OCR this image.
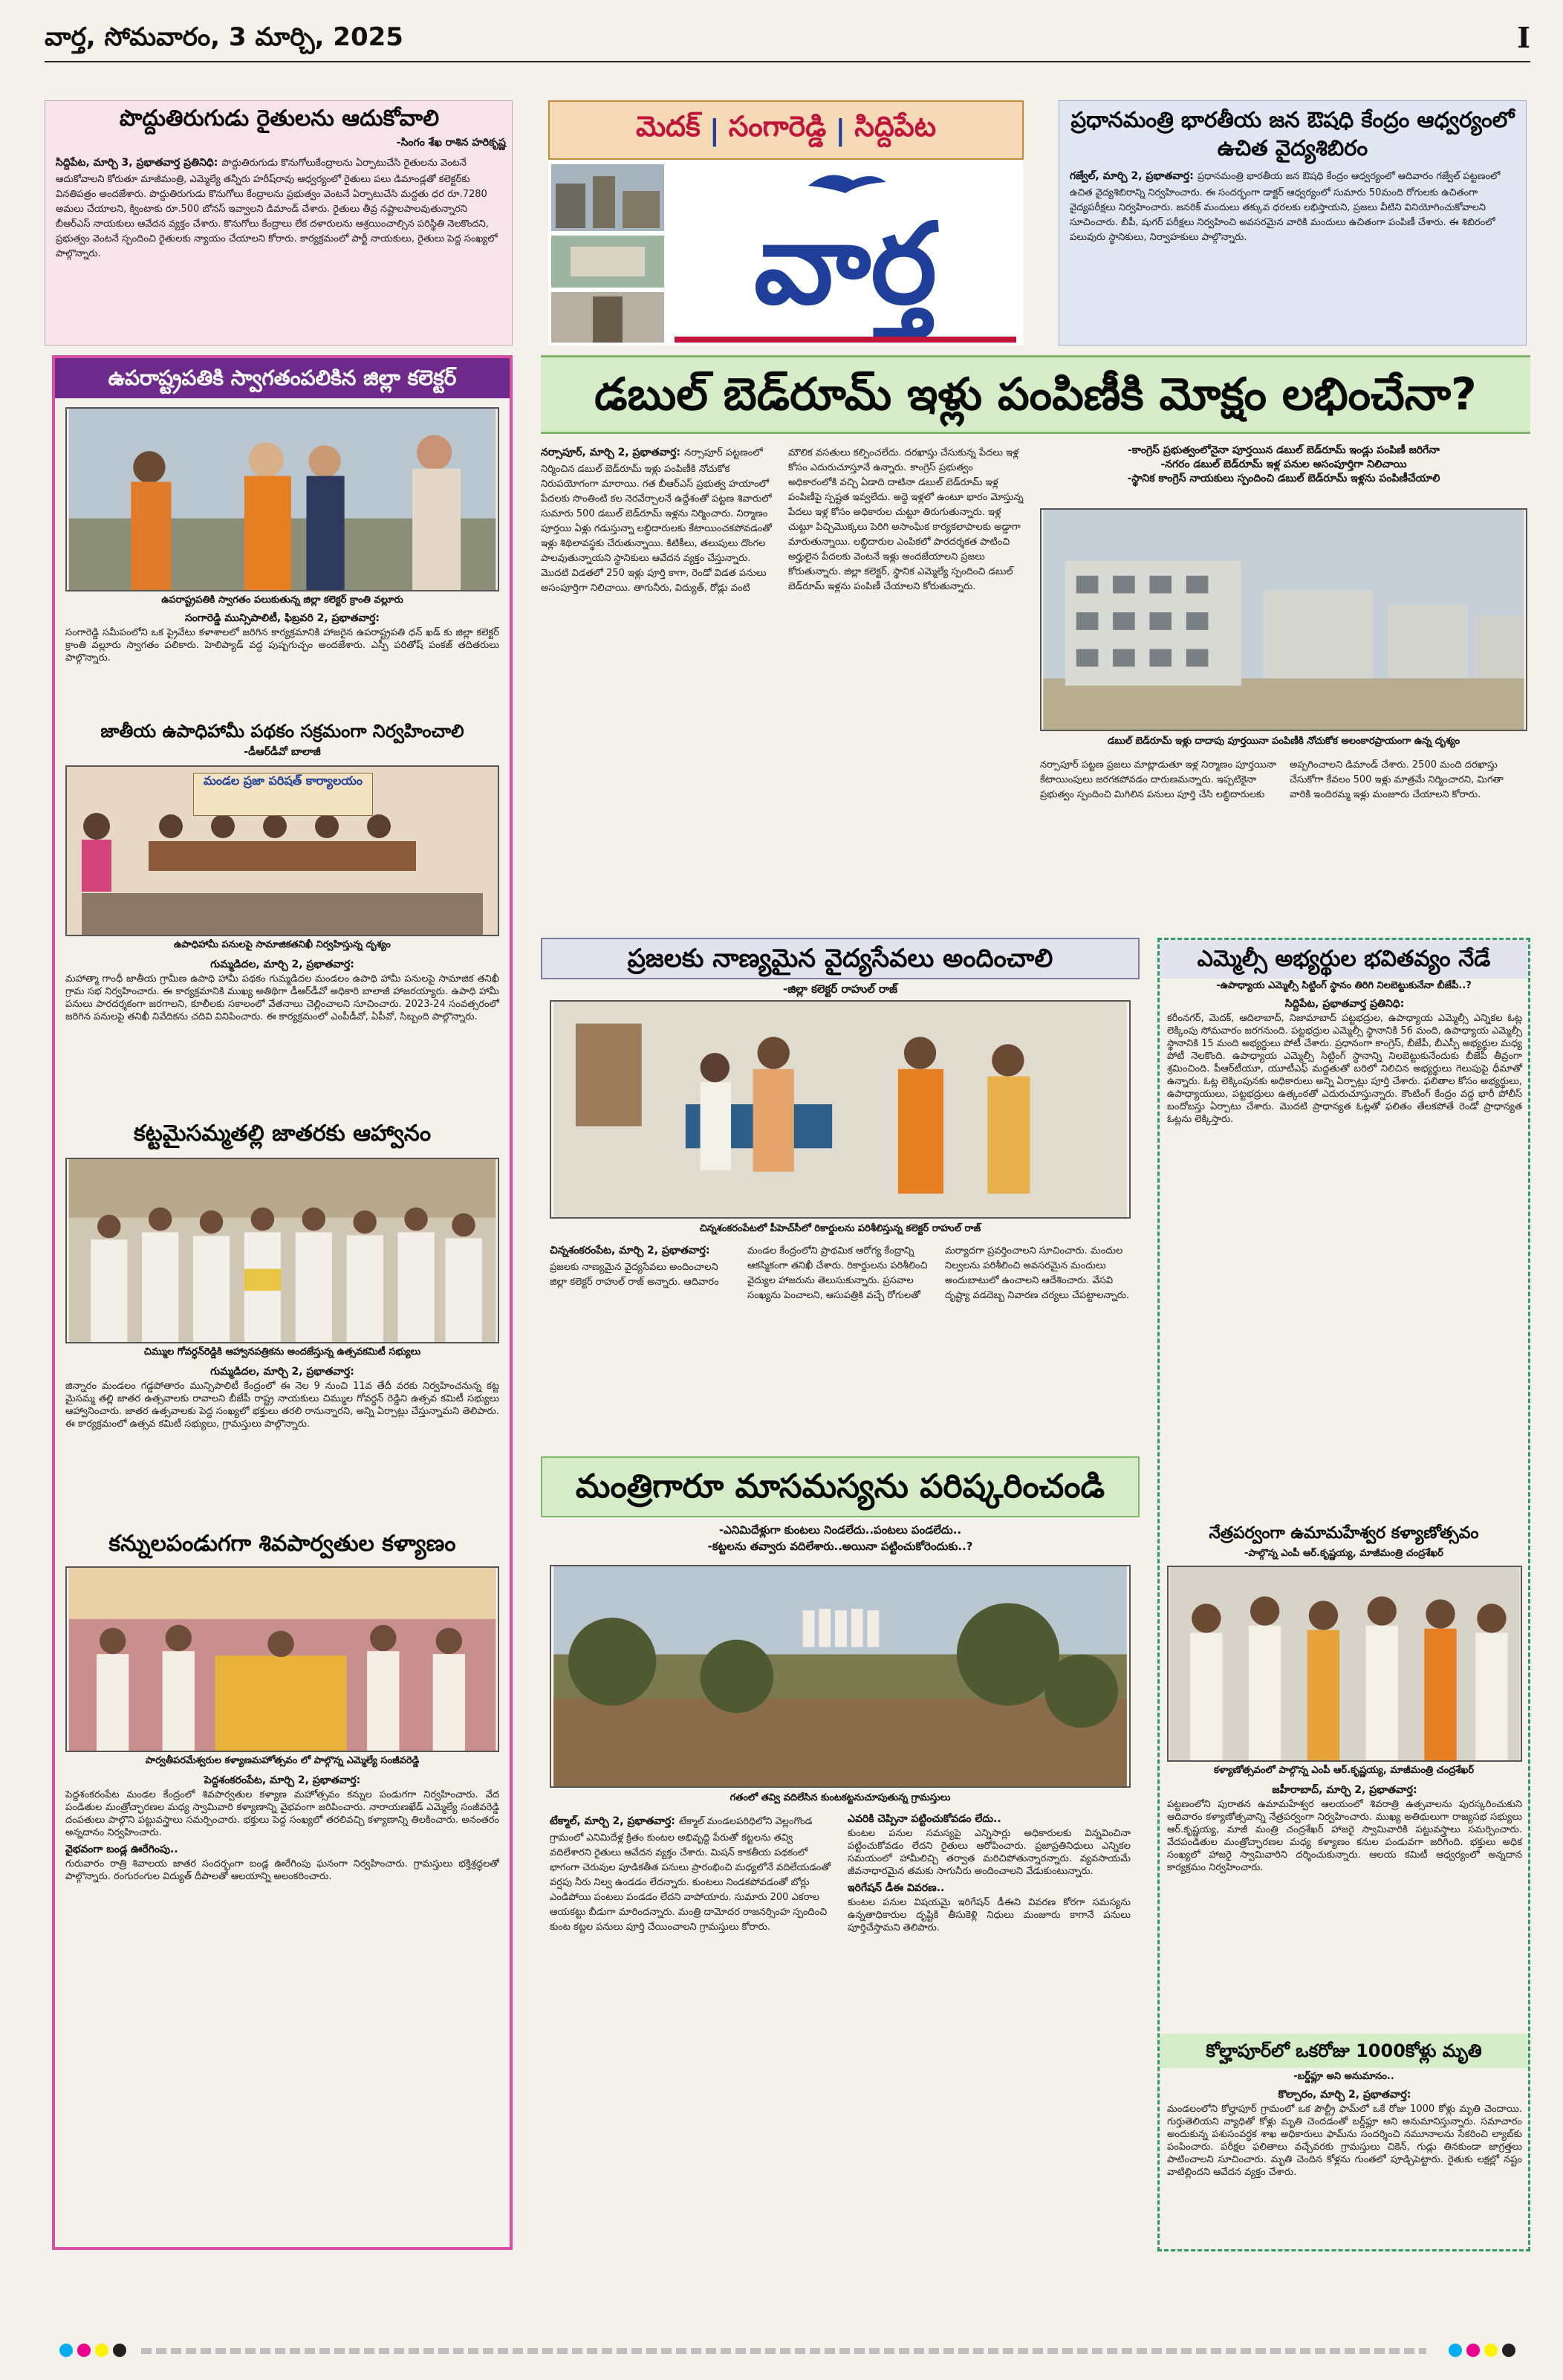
వార్త, సోమవారం, 3 మార్చి, 2025	I
పొద్దుతిరుగుడు రైతులను ఆదుకోవాలి
-సింగం శేఖ రాశిన హరికృష్ణ
సిద్దిపేట, మార్చి 3, ప్రభాతవార్త ప్రతినిధి: పొద్దుతిరుగుడు కొనుగోలుకేంద్రాలను ఏర్పాటుచేసి రైతులను వెంటనే ఆదుకోవాలని కోరుతూ మాజీమంత్రి, ఎమ్మెల్యే తన్నీరు హరీష్‌రావు ఆధ్వర్యంలో రైతులు పలు డిమాండ్లతో కలెక్టర్‌కు వినతిపత్రం అందజేశారు. పొద్దుతిరుగుడు కొనుగోలు కేంద్రాలను ప్రభుత్వం వెంటనే ఏర్పాటుచేసి మద్దతు ధర రూ.7280 అమలు చేయాలని, క్వింటాకు రూ.500 బోనస్ ఇవ్వాలని డిమాండ్ చేశారు. రైతులు తీవ్ర నష్టాలపాలవుతున్నారని బీఆర్ఎస్ నాయకులు ఆవేదన వ్యక్తం చేశారు. కొనుగోలు కేంద్రాలు లేక దళారులను ఆశ్రయించాల్సిన పరిస్థితి నెలకొందని, ప్రభుత్వం వెంటనే స్పందించి రైతులకు న్యాయం చేయాలని కోరారు. కార్యక్రమంలో పార్టీ నాయకులు, రైతులు పెద్ద సంఖ్యలో పాల్గొన్నారు.
మెదక్ | సంగారెడ్డి | సిద్దిపేట
వార్త
ప్రధానమంత్రి భారతీయ జన ఔషధి కేంద్రం ఆధ్వర్యంలో ఉచిత వైద్యశిబిరం
గజ్వేల్, మార్చి 2, ప్రభాతవార్త: ప్రధానమంత్రి భారతీయ జన ఔషధి కేంద్రం ఆధ్వర్యంలో ఆదివారం గజ్వేల్ పట్టణంలో ఉచిత వైద్యశిబిరాన్ని నిర్వహించారు. ఈ సందర్భంగా డాక్టర్ ఆధ్వర్యంలో సుమారు 50మంది రోగులకు ఉచితంగా వైద్యపరీక్షలు నిర్వహించారు. జనరిక్ మందులు తక్కువ ధరలకు లభిస్తాయని, ప్రజలు వీటిని వినియోగించుకోవాలని సూచించారు. బీపీ, షుగర్ పరీక్షలు నిర్వహించి అవసరమైన వారికి మందులు ఉచితంగా పంపిణీ చేశారు. ఈ శిబిరంలో పలువురు స్థానికులు, నిర్వాహకులు పాల్గొన్నారు.
ఉపరాష్ట్రపతికి స్వాగతంపలికిన జిల్లా కలెక్టర్
ఉపరాష్ట్రపతికి స్వాగతం పలుకుతున్న జిల్లా కలెక్టర్ క్రాంతి వల్లూరు
సంగారెడ్డి మున్సిపాలిటీ, ఫిబ్రవరి 2, ప్రభాతవార్త:
సంగారెడ్డి సమీపంలోని ఒక ప్రైవేటు కళాశాలలో జరిగిన కార్యక్రమానికి హాజరైన ఉపరాష్ట్రపతి ధన్ ఖడ్ కు జిల్లా కలెక్టర్ క్రాంతి వల్లూరు స్వాగతం పలికారు. హెలిప్యాడ్ వద్ద పుష్పగుచ్ఛం అందజేశారు. ఎస్పీ పరితోష్ పంకజ్ తదితరులు పాల్గొన్నారు.
జాతీయ ఉపాధిహామీ పథకం సక్రమంగా నిర్వహించాలి
-డీఆర్‌డీవో బాలాజీ
మండల ప్రజా పరిషత్ కార్యాలయం
ఉపాధిహామీ పనులపై సామాజికతనిఖీ నిర్వహిస్తున్న దృశ్యం
గుమ్మడిదల, మార్చి 2, ప్రభాతవార్త:
మహాత్మా గాంధీ జాతీయ గ్రామీణ ఉపాధి హామీ పథకం గుమ్మడిదల మండలం ఉపాధి హామీ పనులపై సామాజిక తనిఖీ గ్రామ సభ నిర్వహించారు. ఈ కార్యక్రమానికి ముఖ్య అతిథిగా డీఆర్‌డీవో అధికారి బాలాజీ హాజరయ్యారు. ఉపాధి హామీ పనులు పారదర్శకంగా జరగాలని, కూలీలకు సకాలంలో వేతనాలు చెల్లించాలని సూచించారు. 2023-24 సంవత్సరంలో జరిగిన పనులపై తనిఖీ నివేదికను చదివి వినిపించారు. ఈ కార్యక్రమంలో ఎంపీడీవో, ఏపీవో, సిబ్బంది పాల్గొన్నారు.
కట్టమైసమ్మతల్లి జాతరకు ఆహ్వానం
చిమ్ముల గోవర్ధన్‌రెడ్డికి ఆహ్వానపత్రికను అందజేస్తున్న ఉత్సవకమిటీ సభ్యులు
గుమ్మడిదల, మార్చి 2, ప్రభాతవార్త:
జిన్నారం మండలం గడ్డపోతారం మున్సిపాలిటీ కేంద్రంలో ఈ నెల 9 నుంచి 11వ తేదీ వరకు నిర్వహించనున్న కట్ట మైసమ్మ తల్లి జాతర ఉత్సవాలకు రావాలని బీజేపీ రాష్ట్ర నాయకులు చిమ్ముల గోవర్ధన్ రెడ్డిని ఉత్సవ కమిటీ సభ్యులు ఆహ్వానించారు. జాతర ఉత్సవాలకు పెద్ద సంఖ్యలో భక్తులు తరలి రానున్నారని, అన్ని ఏర్పాట్లు చేస్తున్నామని తెలిపారు. ఈ కార్యక్రమంలో ఉత్సవ కమిటీ సభ్యులు, గ్రామస్తులు పాల్గొన్నారు.
కన్నులపండుగగా శివపార్వతుల కళ్యాణం
పార్వతీపరమేశ్వరుల కళ్యాణమహోత్సవం లో పాల్గొన్న ఎమ్మెల్యే సంజీవరెడ్డి
పెద్దశంకరంపేట, మార్చి 2, ప్రభాతవార్త:
పెద్దశంకరంపేట మండల కేంద్రంలో శివపార్వతుల కళ్యాణ మహోత్సవం కన్నుల పండుగగా నిర్వహించారు. వేద పండితుల మంత్రోచ్ఛారణల మధ్య స్వామివారి కళ్యాణాన్ని వైభవంగా జరిపించారు. నారాయణఖేడ్ ఎమ్మెల్యే సంజీవరెడ్డి దంపతులు పాల్గొని పట్టువస్త్రాలు సమర్పించారు. భక్తులు పెద్ద సంఖ్యలో తరలివచ్చి కళ్యాణాన్ని తిలకించారు. అనంతరం అన్నదానం నిర్వహించారు.
వైభవంగా బండ్ల ఊరేగింపు..
గురువారం రాత్రి శివాలయ జాతర సందర్భంగా బండ్ల ఊరేగింపు ఘనంగా నిర్వహించారు. గ్రామస్తులు భక్తిశ్రద్ధలతో పాల్గొన్నారు. రంగురంగుల విద్యుత్ దీపాలతో ఆలయాన్ని అలంకరించారు.
డబుల్ బెడ్‌రూమ్ ఇళ్లు పంపిణీకి మోక్షం లభించేనా?
నర్సాపూర్, మార్చి 2, ప్రభాతవార్త: నర్సాపూర్ పట్టణంలో నిర్మించిన డబుల్ బెడ్‌రూమ్ ఇళ్లు పంపిణీకి నోచుకోక నిరుపయోగంగా మారాయి. గత బీఆర్ఎస్ ప్రభుత్వ హయాంలో పేదలకు సొంతింటి కల నెరవేర్చాలనే ఉద్దేశంతో పట్టణ శివారులో సుమారు 500 డబుల్ బెడ్‌రూమ్ ఇళ్లను నిర్మించారు. నిర్మాణం పూర్తయి ఏళ్లు గడుస్తున్నా లబ్ధిదారులకు కేటాయించకపోవడంతో ఇళ్లు శిథిలావస్థకు చేరుతున్నాయి. కిటికీలు, తలుపులు దొంగల పాలవుతున్నాయని స్థానికులు ఆవేదన వ్యక్తం చేస్తున్నారు. మొదటి విడతలో 250 ఇళ్లు పూర్తి కాగా, రెండో విడత పనులు అసంపూర్తిగా నిలిచాయి. తాగునీరు, విద్యుత్, రోడ్లు వంటి మౌలిక వసతులు కల్పించలేదు. దరఖాస్తు చేసుకున్న పేదలు ఇళ్ల కోసం ఎదురుచూస్తూనే ఉన్నారు. కాంగ్రెస్ ప్రభుత్వం అధికారంలోకి వచ్చి ఏడాది దాటినా డబుల్ బెడ్‌రూమ్ ఇళ్ల పంపిణీపై స్పష్టత ఇవ్వలేదు. అద్దె ఇళ్లలో ఉంటూ భారం మోస్తున్న పేదలు ఇళ్ల కోసం అధికారుల చుట్టూ తిరుగుతున్నారు. ఇళ్ల చుట్టూ పిచ్చిమొక్కలు పెరిగి అసాంఘిక కార్యకలాపాలకు అడ్డాగా మారుతున్నాయి. లబ్ధిదారుల ఎంపికలో పారదర్శకత పాటించి అర్హులైన పేదలకు వెంటనే ఇళ్లు అందజేయాలని ప్రజలు కోరుతున్నారు. జిల్లా కలెక్టర్, స్థానిక ఎమ్మెల్యే స్పందించి డబుల్ బెడ్‌రూమ్ ఇళ్లను పంపిణీ చేయాలని కోరుతున్నారు.
-కాంగ్రెస్ ప్రభుత్వంలోనైనా పూర్తయిన డబుల్ బెడ్‌రూమ్ ఇండ్లు పంపిణీ జరిగేనా
-నగరం డబుల్ బెడ్‌రూమ్ ఇళ్ల పనుల అసంపూర్తిగా నిలిచాయి
-స్థానిక కాంగ్రెస్ నాయకులు స్పందించి డబుల్ బెడ్‌రూమ్ ఇళ్లను పంపిణీచేయాలి
డబుల్ బెడ్‌రూమ్ ఇళ్లు దాదాపు పూర్తయినా పంపిణీకి నోచుకోక అలంకారప్రాయంగా ఉన్న దృశ్యం
నర్సాపూర్ పట్టణ ప్రజలు మాట్లాడుతూ ఇళ్ల నిర్మాణం పూర్తయినా కేటాయింపులు జరగకపోవడం దారుణమన్నారు. ఇప్పటికైనా ప్రభుత్వం స్పందించి మిగిలిన పనులు పూర్తి చేసి లబ్ధిదారులకు అప్పగించాలని డిమాండ్ చేశారు. 2500 మంది దరఖాస్తు చేసుకోగా కేవలం 500 ఇళ్లు మాత్రమే నిర్మించారని, మిగతా వారికి ఇందిరమ్మ ఇళ్లు మంజూరు చేయాలని కోరారు.
ప్రజలకు నాణ్యమైన వైద్యసేవలు అందించాలి
-జిల్లా కలెక్టర్ రాహుల్ రాజ్
చిన్నశంకరంపేటలో పీహెచ్‌సీలో రికార్డులను పరిశీలిస్తున్న కలెక్టర్ రాహుల్ రాజ్
చిన్నశంకరంపేట, మార్చి 2, ప్రభాతవార్త: ప్రజలకు నాణ్యమైన వైద్యసేవలు అందించాలని జిల్లా కలెక్టర్ రాహుల్ రాజ్ అన్నారు. ఆదివారం మండల కేంద్రంలోని ప్రాథమిక ఆరోగ్య కేంద్రాన్ని ఆకస్మికంగా తనిఖీ చేశారు. రికార్డులను పరిశీలించి వైద్యుల హాజరును తెలుసుకున్నారు. ప్రసవాల సంఖ్యను పెంచాలని, ఆసుపత్రికి వచ్చే రోగులతో మర్యాదగా ప్రవర్తించాలని సూచించారు. మందుల నిల్వలను పరిశీలించి అవసరమైన మందులు అందుబాటులో ఉంచాలని ఆదేశించారు. వేసవి దృష్ట్యా వడదెబ్బ నివారణ చర్యలు చేపట్టాలన్నారు.
మంత్రిగారూ మాసమస్యను పరిష్కరించండి
-ఎనిమిదేళ్లుగా కుంటలు నిండలేదు..పంటలు పండలేదు..
-కట్టలను తవ్వారు వదిలేశారు..అయినా పట్టించుకోరెందుకు..?
గతంలో తవ్వి వదిలేసిన కుంటకట్టనుచూపుతున్న గ్రామస్తులు
టేక్మాల్, మార్చి 2, ప్రభాతవార్త: టేక్మాల్ మండలపరిధిలోని వెల్లంగొండ గ్రామంలో ఎనిమిదేళ్ల క్రితం కుంటల అభివృద్ధి పేరుతో కట్టలను తవ్వి వదిలేశారని రైతులు ఆవేదన వ్యక్తం చేశారు. మిషన్ కాకతీయ పథకంలో భాగంగా చెరువుల పూడికతీత పనులు ప్రారంభించి మధ్యలోనే వదిలేయడంతో వర్షపు నీరు నిల్వ ఉండడం లేదన్నారు. కుంటలు నిండకపోవడంతో బోర్లు ఎండిపోయి పంటలు పండడం లేదని వాపోయారు. సుమారు 200 ఎకరాల ఆయకట్టు బీడుగా మారిందన్నారు. మంత్రి దామోదర రాజనర్సింహ స్పందించి కుంట కట్టల పనులు పూర్తి చేయించాలని గ్రామస్తులు కోరారు.
ఎవరికి చెప్పినా పట్టించుకోవడం లేదు..
కుంటల పనుల సమస్యపై ఎన్నిసార్లు అధికారులకు విన్నవించినా పట్టించుకోవడం లేదని రైతులు ఆరోపించారు. ప్రజాప్రతినిధులు ఎన్నికల సమయంలో హామీలిచ్చి తర్వాత మరిచిపోతున్నారన్నారు. వ్యవసాయమే జీవనాధారమైన తమకు సాగునీరు అందించాలని వేడుకుంటున్నారు.
ఇరిగేషన్ డీఈ వివరణ..
కుంటల పనుల విషయమై ఇరిగేషన్ డీఈని వివరణ కోరగా సమస్యను ఉన్నతాధికారుల దృష్టికి తీసుకెళ్లి నిధులు మంజూరు కాగానే పనులు పూర్తిచేస్తామని తెలిపారు.
ఎమ్మెల్సీ అభ్యర్థుల భవితవ్యం నేడే
-ఉపాధ్యాయ ఎమ్మెల్సీ సిట్టింగ్ స్థానం తిరిగి నిలబెట్టుకునేనా బీజేపీ..?
సిద్దిపేట, ప్రభాతవార్త ప్రతినిధి:
కరీంనగర్, మెదక్, ఆదిలాబాద్, నిజామాబాద్ పట్టభద్రుల, ఉపాధ్యాయ ఎమ్మెల్సీ ఎన్నికల ఓట్ల లెక్కింపు సోమవారం జరగనుంది. పట్టభద్రుల ఎమ్మెల్సీ స్థానానికి 56 మంది, ఉపాధ్యాయ ఎమ్మెల్సీ స్థానానికి 15 మంది అభ్యర్థులు పోటీ చేశారు. ప్రధానంగా కాంగ్రెస్, బీజేపీ, బీఎస్పీ అభ్యర్థుల మధ్య పోటీ నెలకొంది. ఉపాధ్యాయ ఎమ్మెల్సీ సిట్టింగ్ స్థానాన్ని నిలబెట్టుకునేందుకు బీజేపీ తీవ్రంగా శ్రమించింది. పీఆర్‌టీయూ, యూటీఎఫ్ మద్దతుతో బరిలో నిలిచిన అభ్యర్థులు గెలుపుపై ధీమాతో ఉన్నారు. ఓట్ల లెక్కింపునకు అధికారులు అన్ని ఏర్పాట్లు పూర్తి చేశారు. ఫలితాల కోసం అభ్యర్థులు, ఉపాధ్యాయులు, పట్టభద్రులు ఉత్కంఠతో ఎదురుచూస్తున్నారు. కౌంటింగ్ కేంద్రం వద్ద భారీ పోలీస్ బందోబస్తు ఏర్పాటు చేశారు. మొదటి ప్రాధాన్యత ఓట్లతో ఫలితం తేలకపోతే రెండో ప్రాధాన్యత ఓట్లను లెక్కిస్తారు.
నేత్రపర్వంగా ఉమామహేశ్వర కళ్యాణోత్సవం
-పాల్గొన్న ఎంపీ ఆర్.కృష్ణయ్య, మాజీమంత్రి చంద్రశేఖర్
కళ్యాణోత్సవంలో పాల్గొన్న ఎంపీ ఆర్.కృష్ణయ్య, మాజీమంత్రి చంద్రశేఖర్
జహీరాబాద్, మార్చి 2, ప్రభాతవార్త:
పట్టణంలోని పురాతన ఉమామహేశ్వర ఆలయంలో శివరాత్రి ఉత్సవాలను పురస్కరించుకుని ఆదివారం కళ్యాణోత్సవాన్ని నేత్రపర్వంగా నిర్వహించారు. ముఖ్య అతిథులుగా రాజ్యసభ సభ్యులు ఆర్.కృష్ణయ్య, మాజీ మంత్రి చంద్రశేఖర్ హాజరై స్వామివారికి పట్టువస్త్రాలు సమర్పించారు. వేదపండితుల మంత్రోచ్ఛారణల మధ్య కళ్యాణం కనుల పండువగా జరిగింది. భక్తులు అధిక సంఖ్యలో హాజరై స్వామివారిని దర్శించుకున్నారు. ఆలయ కమిటీ ఆధ్వర్యంలో అన్నదాన కార్యక్రమం నిర్వహించారు.
కోల్హాపూర్‌లో ఒకరోజు 1000కోళ్లు మృతి
-బర్డ్‌ఫ్లూ అని అనుమానం..
కొల్చారం, మార్చి 2, ప్రభాతవార్త:
మండలంలోని కోల్హాపూర్ గ్రామంలో ఒక పౌల్ట్రీ ఫామ్‌లో ఒకే రోజు 1000 కోళ్లు మృతి చెందాయి. గుర్తుతెలియని వ్యాధితో కోళ్లు మృతి చెందడంతో బర్డ్‌ఫ్లూ అని అనుమానిస్తున్నారు. సమాచారం అందుకున్న పశుసంవర్ధక శాఖ అధికారులు ఫామ్‌ను సందర్శించి నమూనాలను సేకరించి ల్యాబ్‌కు పంపించారు. పరీక్షల ఫలితాలు వచ్చేవరకు గ్రామస్తులు చికెన్, గుడ్లు తినకుండా జాగ్రత్తలు పాటించాలని సూచించారు. మృతి చెందిన కోళ్లను గుంతలో పూడ్చిపెట్టారు. రైతుకు లక్షల్లో నష్టం వాటిల్లిందని ఆవేదన వ్యక్తం చేశారు.
